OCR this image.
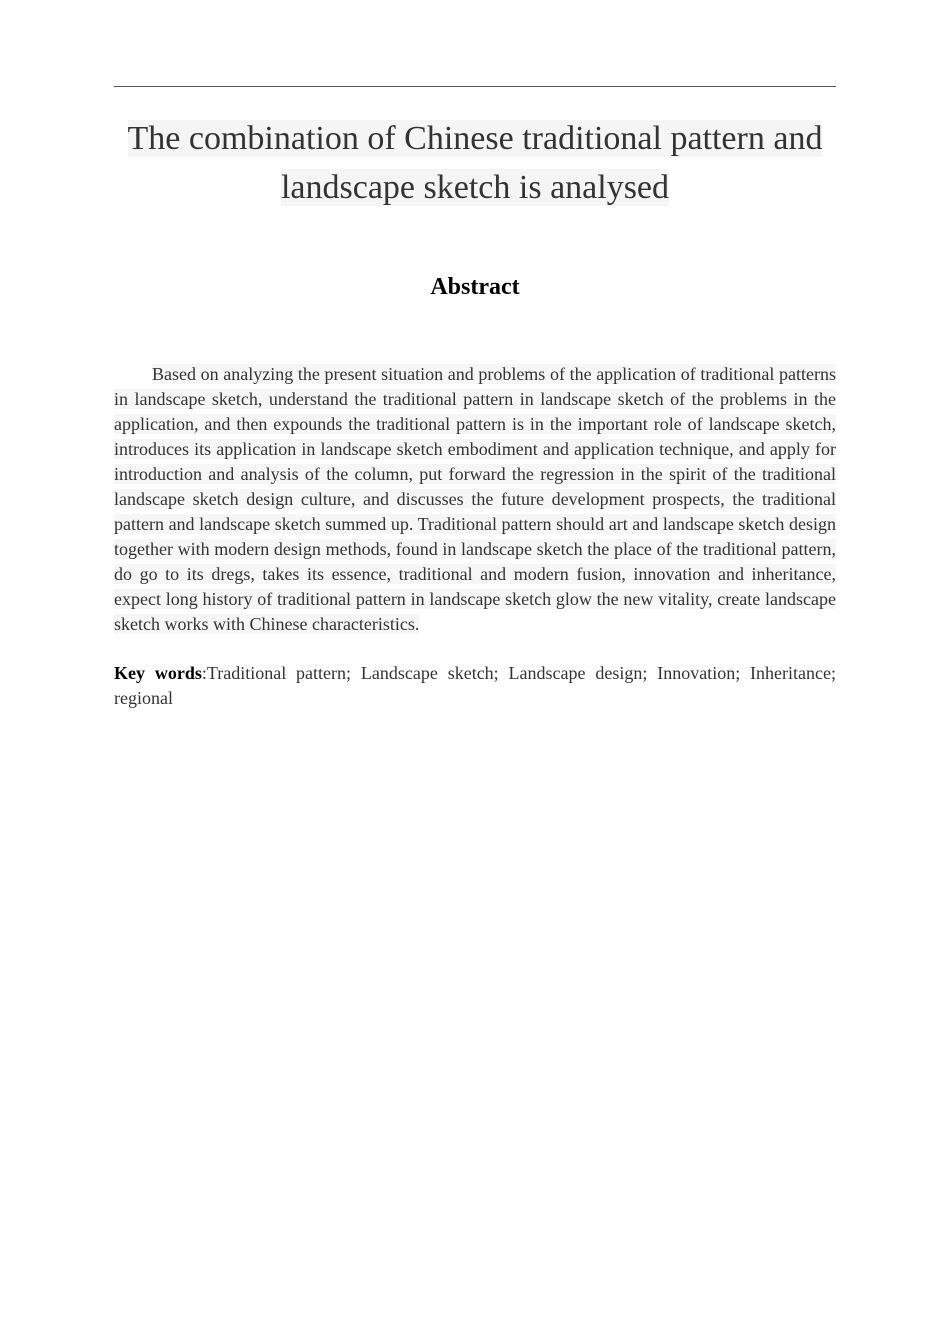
The combination of Chinese traditional pattern and landscape sketch is analysed
Abstract

Based on analyzing the present situation and problems of the application of traditional patterns in landscape sketch, understand the traditional pattern in landscape sketch of the problems in the application, and then expounds the traditional pattern is in the important role of landscape sketch, introduces its application in landscape sketch embodiment and application technique, and apply for introduction and analysis of the column, put forward the regression in the spirit of the traditional landscape sketch design culture, and discusses the future development prospects, the traditional pattern and landscape sketch summed up. Traditional pattern should art and landscape sketch design together with modern design methods, found in landscape sketch the place of the traditional pattern, do go to its dregs, takes its essence, traditional and modern fusion, innovation and inheritance, expect long history of traditional pattern in landscape sketch glow the new vitality, create landscape sketch works with Chinese characteristics.

Key words:Traditional pattern; Landscape sketch; Landscape design; Innovation; Inheritance; regional
